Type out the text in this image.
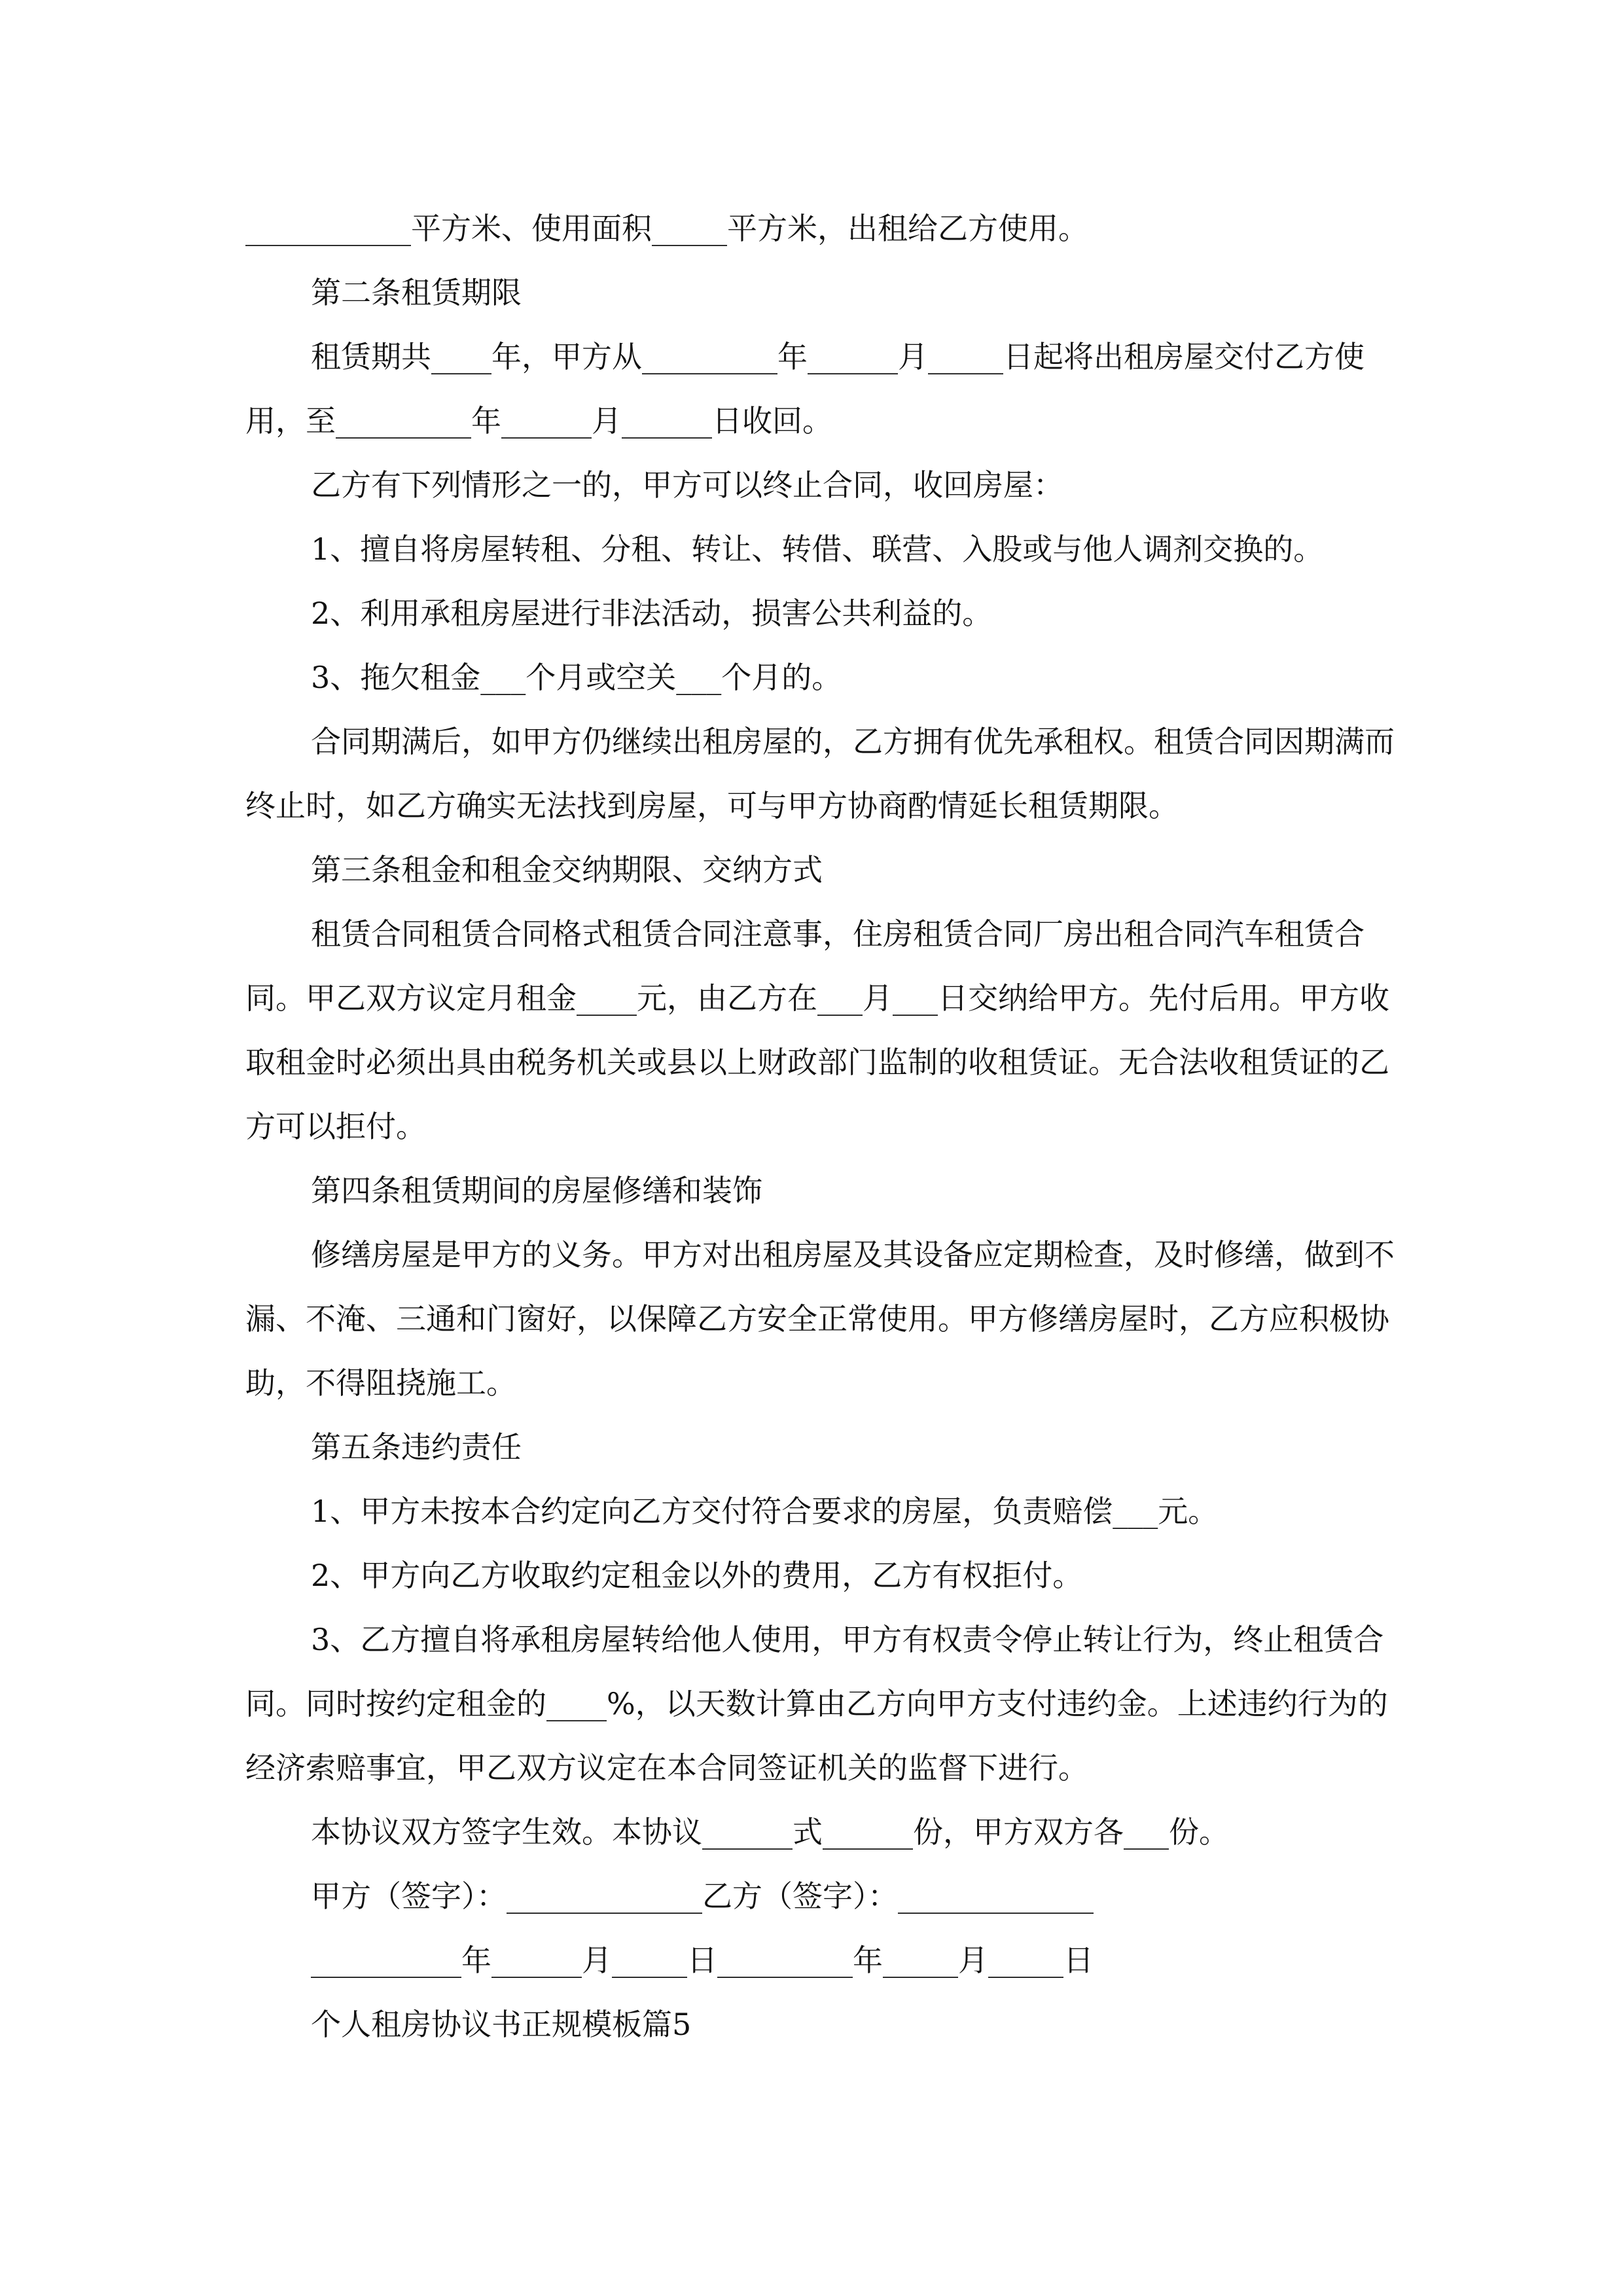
___________平方米、使用面积_____平方米，出租给乙方使用。

第二条租赁期限

租赁期共____年，甲方从_________年______月_____日起将出租房屋交付乙方使用，至_________年______月______日收回。

乙方有下列情形之一的，甲方可以终止合同，收回房屋：

1、擅自将房屋转租、分租、转让、转借、联营、入股或与他人调剂交换的。

2、利用承租房屋进行非法活动，损害公共利益的。

3、拖欠租金___个月或空关___个月的。

合同期满后，如甲方仍继续出租房屋的，乙方拥有优先承租权。租赁合同因期满而终止时，如乙方确实无法找到房屋，可与甲方协商酌情延长租赁期限。

第三条租金和租金交纳期限、交纳方式

租赁合同租赁合同格式租赁合同注意事，住房租赁合同厂房出租合同汽车租赁合同。甲乙双方议定月租金____元，由乙方在___月___日交纳给甲方。先付后用。甲方收取租金时必须出具由税务机关或县以上财政部门监制的收租赁证。无合法收租赁证的乙方可以拒付。

第四条租赁期间的房屋修缮和装饰

修缮房屋是甲方的义务。甲方对出租房屋及其设备应定期检查，及时修缮，做到不漏、不淹、三通和门窗好，以保障乙方安全正常使用。甲方修缮房屋时，乙方应积极协助，不得阻挠施工。

第五条违约责任

1、甲方未按本合约定向乙方交付符合要求的房屋，负责赔偿___元。

2、甲方向乙方收取约定租金以外的费用，乙方有权拒付。

3、乙方擅自将承租房屋转给他人使用，甲方有权责令停止转让行为，终止租赁合同。同时按约定租金的____%，以天数计算由乙方向甲方支付违约金。上述违约行为的经济索赔事宜，甲乙双方议定在本合同签证机关的监督下进行。

本协议双方签字生效。本协议______式______份，甲方双方各___份。

甲方（签字）：_____________乙方（签字）：_____________

__________年______月_____日_________年_____月_____日

个人租房协议书正规模板篇5
